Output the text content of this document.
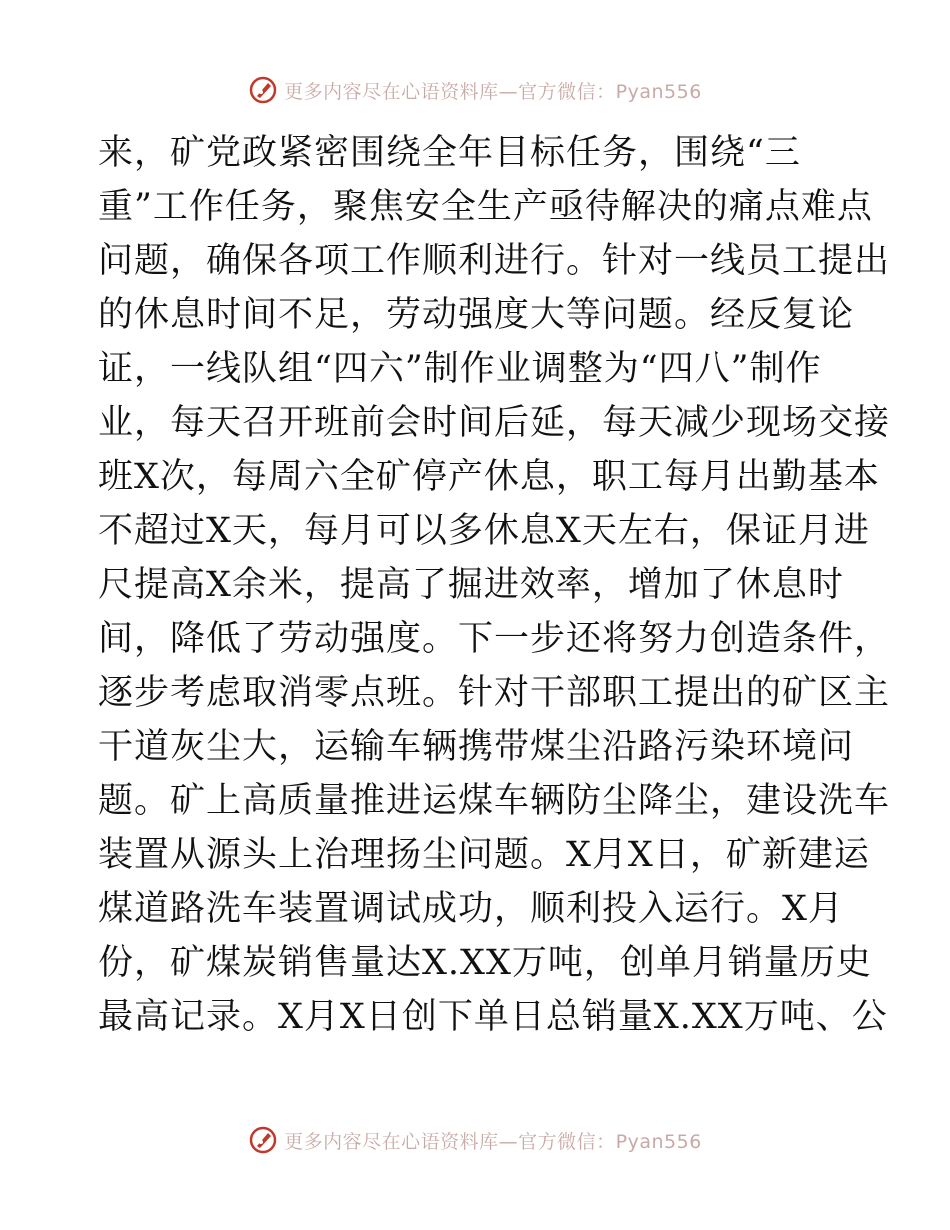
更多内容尽在心语资料库—官方微信：Pyan556
来，矿党政紧密围绕全年目标任务，围绕“三
重”工作任务，聚焦安全生产亟待解决的痛点难点
问题，确保各项工作顺利进行。针对一线员工提出
的休息时间不足，劳动强度大等问题。经反复论
证，一线队组“四六”制作业调整为“四八”制作
业，每天召开班前会时间后延，每天减少现场交接
班X次，每周六全矿停产休息，职工每月出勤基本
不超过X天，每月可以多休息X天左右，保证月进
尺提高X余米，提高了掘进效率，增加了休息时
间，降低了劳动强度。下一步还将努力创造条件，
逐步考虑取消零点班。针对干部职工提出的矿区主
干道灰尘大，运输车辆携带煤尘沿路污染环境问
题。矿上高质量推进运煤车辆防尘降尘，建设洗车
装置从源头上治理扬尘问题。X月X日，矿新建运
煤道路洗车装置调试成功，顺利投入运行。X月
份，矿煤炭销售量达X.XX万吨，创单月销量历史
最高记录。X月X日创下单日总销量X.XX万吨、公
更多内容尽在心语资料库—官方微信：Pyan556
